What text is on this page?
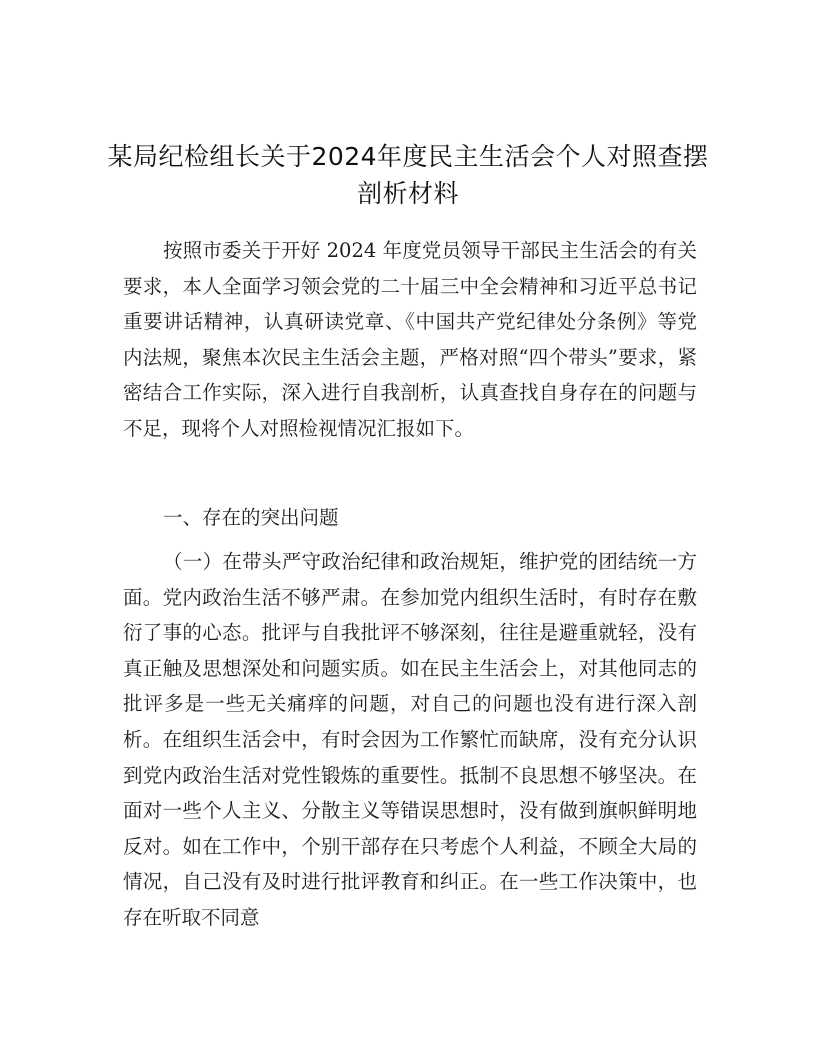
某局纪检组长关于2024年度民主生活会个人对照查摆剖析材料

按照市委关于开好 2024 年度党员领导干部民主生活会的有关要求，本人全面学习领会党的二十届三中全会精神和习近平总书记重要讲话精神，认真研读党章、《中国共产党纪律处分条例》等党内法规，聚焦本次民主生活会主题，严格对照“四个带头”要求，紧密结合工作实际，深入进行自我剖析，认真查找自身存在的问题与不足，现将个人对照检视情况汇报如下。

一、存在的突出问题

（一）在带头严守政治纪律和政治规矩，维护党的团结统一方面。党内政治生活不够严肃。在参加党内组织生活时，有时存在敷衍了事的心态。批评与自我批评不够深刻，往往是避重就轻，没有真正触及思想深处和问题实质。如在民主生活会上，对其他同志的批评多是一些无关痛痒的问题，对自己的问题也没有进行深入剖析。在组织生活会中，有时会因为工作繁忙而缺席，没有充分认识到党内政治生活对党性锻炼的重要性。抵制不良思想不够坚决。在面对一些个人主义、分散主义等错误思想时，没有做到旗帜鲜明地反对。如在工作中，个别干部存在只考虑个人利益，不顾全大局的情况，自己没有及时进行批评教育和纠正。在一些工作决策中，也存在听取不同意
